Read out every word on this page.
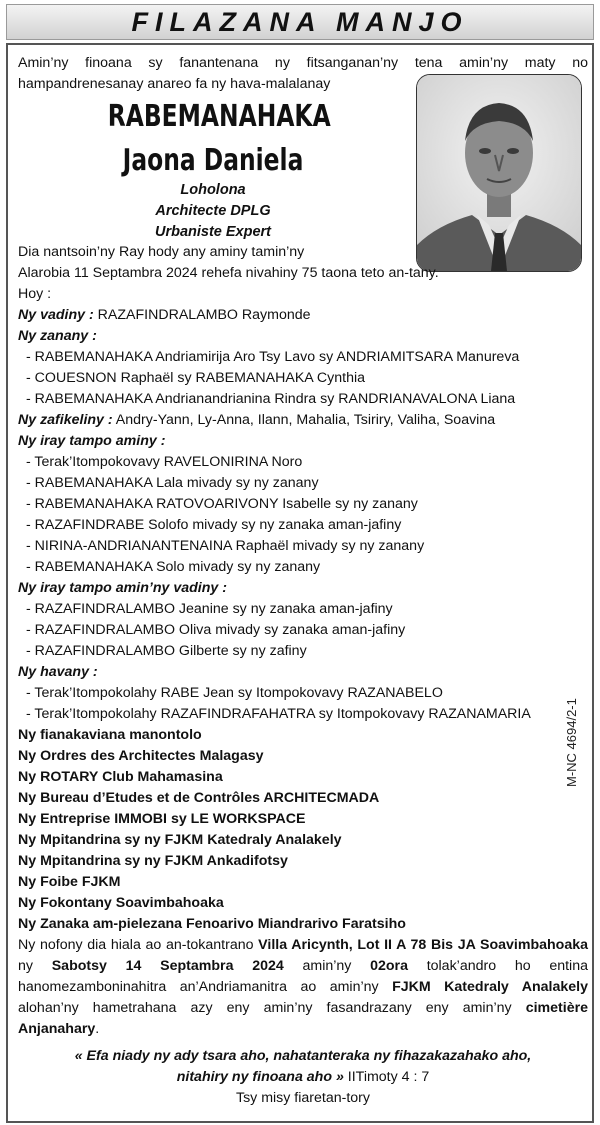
FILAZANA MANJO
Amin’ny finoana sy fanantenana ny fitsanganan’ny tena amin’ny maty no hampandrenesanay anareo fa ny hava-malalanay
RABEMANAHAKA
Jaona Daniela
Loholona
Architecte DPLG
Urbaniste Expert
Dia nantsoin’ny Ray hody any aminy tamin’ny
Alarobia 11 Septambra 2024 rehefa nivahiny 75 taona teto an-tany.
Hoy :
Ny vadiny : RAZAFINDRALAMBO Raymonde
Ny zanany :
- RABEMANAHAKA Andriamirija Aro Tsy Lavo sy ANDRIAMITSARA Manureva
- COUESNON Raphaël sy RABEMANAHAKA Cynthia
- RABEMANAHAKA Andrianandrianina Rindra sy RANDRIANAVALONA Liana
Ny zafikeliny : Andry-Yann, Ly-Anna, Ilann, Mahalia, Tsiriry, Valiha, Soavina
Ny iray tampo aminy :
- Terak’Itompokovavy RAVELONIRINA Noro
- RABEMANAHAKA Lala mivady sy ny zanany
- RABEMANAHAKA RATOVOARIVONY Isabelle sy ny zanany
- RAZAFINDRABE Solofo mivady sy ny zanaka aman-jafiny
- NIRINA-ANDRIANANTENAINA Raphaël mivady sy ny zanany
- RABEMANAHAKA Solo mivady sy ny zanany
Ny iray tampo amin’ny vadiny :
- RAZAFINDRALAMBO Jeanine sy ny zanaka aman-jafiny
- RAZAFINDRALAMBO Oliva mivady sy zanaka aman-jafiny
- RAZAFINDRALAMBO Gilberte sy ny zafiny
Ny havany :
- Terak’Itompokolahy RABE Jean sy Itompokovavy RAZANABELO
- Terak’Itompokolahy RAZAFINDRAFAHATRA sy Itompokovavy RAZANAMARIA
Ny fianakaviana manontolo
Ny Ordres des Architectes Malagasy
Ny ROTARY Club Mahamasina
Ny Bureau d’Etudes et de Contrôles ARCHITECMADA
Ny Entreprise IMMOBI sy LE WORKSPACE
Ny Mpitandrina sy ny FJKM Katedraly Analakely
Ny Mpitandrina sy ny FJKM Ankadifotsy
Ny Foibe FJKM
Ny Fokontany Soavimbahoaka
Ny Zanaka am-pielezana Fenoarivo Miandrarivo Faratsiho
Ny nofony dia hiala ao an-tokantrano Villa Aricynth, Lot II A 78 Bis JA Soavimbahoaka ny Sabotsy 14 Septambra 2024 amin’ny 02ora tolak’andro ho entina hanomezamboninahitra an’Andriamanitra ao amin’ny FJKM Katedraly Analakely alohan’ny hametrahana azy eny amin’ny fasandrazany eny amin’ny cimetière Anjanahary.
« Efa niady ny ady tsara aho, nahatanteraka ny fihazakazahako aho,
nitahiry ny finoana aho » IITimoty 4 : 7
Tsy misy fiaretan-tory
M-NC 4694/2-1
